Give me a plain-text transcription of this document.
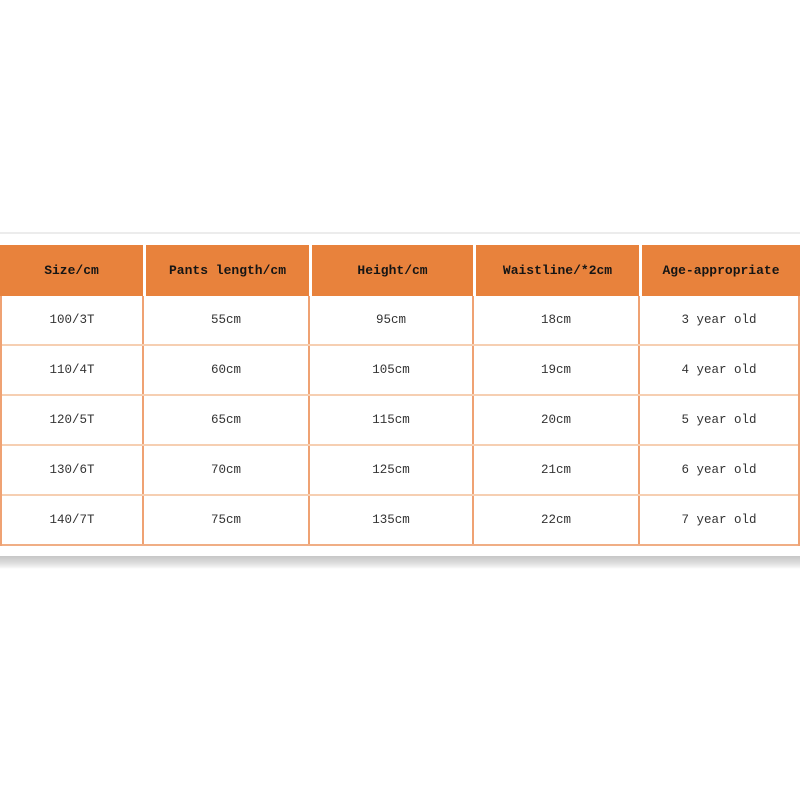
Size/cm	Pants length/cm	Height/cm	Waistline/*2cm	Age-appropriate
100/3T	55cm	95cm	18cm	3 year old
110/4T	60cm	105cm	19cm	4 year old
120/5T	65cm	115cm	20cm	5 year old
130/6T	70cm	125cm	21cm	6 year old
140/7T	75cm	135cm	22cm	7 year old
